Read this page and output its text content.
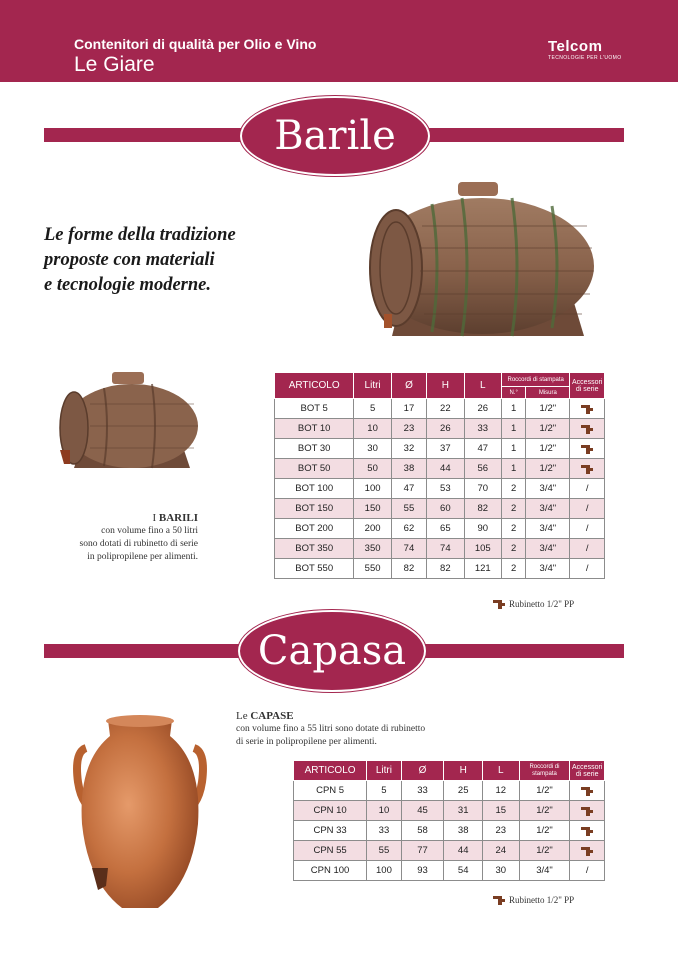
Contenitori di qualità per Olio e Vino
Le Giare
Telcom
TECNOLOGIE PER L'UOMO
Barile
Le forme della tradizione
proposte con materiali
e tecnologie moderne.
I BARILI
con volume fino a 50 litri
sono dotati di rubinetto di serie
in polipropilene per alimenti.
ARTICOLO	Litri	Ø	H	L	Roccordi di stampata		Accessori di serie
					N.°	Misura	
BOT 5	5	17	22	26	1	1/2"	
BOT 10	10	23	26	33	1	1/2"	
BOT 30	30	32	37	47	1	1/2"	
BOT 50	50	38	44	56	1	1/2"	
BOT 100	100	47	53	70	2	3/4"	/
BOT 150	150	55	60	82	2	3/4"	/
BOT 200	200	62	65	90	2	3/4"	/
BOT 350	350	74	74	105	2	3/4"	/
BOT 550	550	82	82	121	2	3/4"	/
Rubinetto 1/2" PP
Capasa
Le CAPASE
con volume fino a 55 litri sono dotate di rubinetto
di serie in polipropilene per alimenti.
ARTICOLO	Litri	Ø	H	L	Roccordi di stampata	Accessori di serie
CPN 5	5	33	25	12	1/2"	
CPN 10	10	45	31	15	1/2"	
CPN 33	33	58	38	23	1/2"	
CPN 55	55	77	44	24	1/2"	
CPN 100	100	93	54	30	3/4"	/
Rubinetto 1/2" PP
